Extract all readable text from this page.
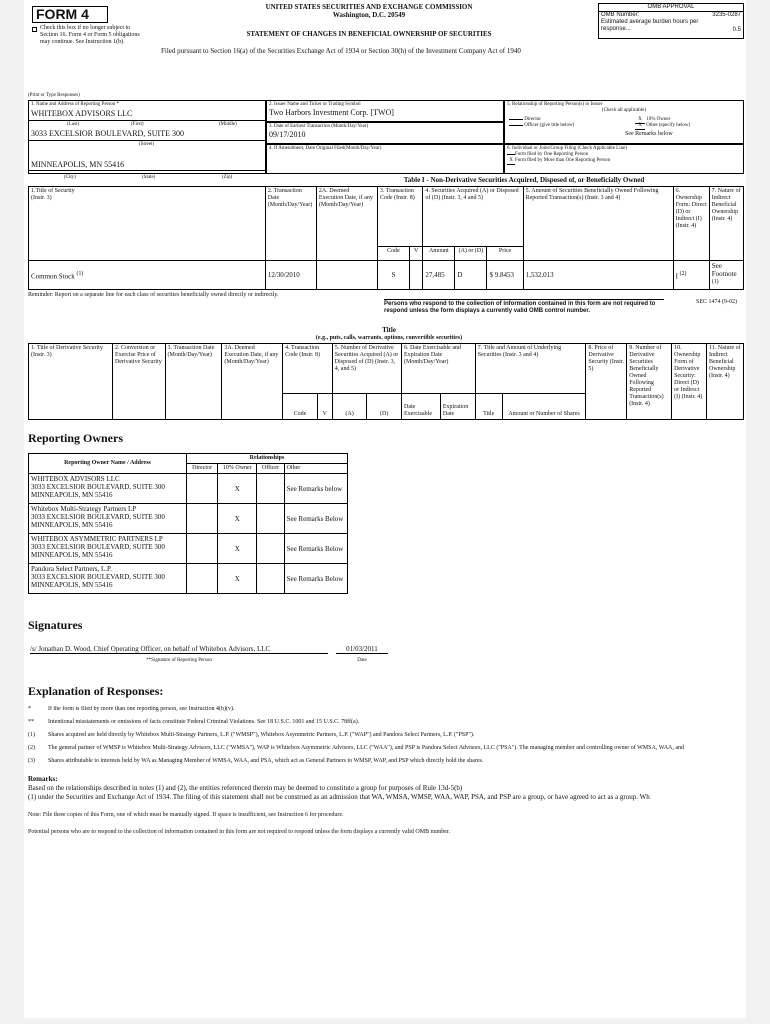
FORM 4
Check this box if no longer subject to Section 16. Form 4 or Form 5 obligations may continue. See Instruction 1(b).
UNITED STATES SECURITIES AND EXCHANGE COMMISSION
Washington, D.C. 20549
STATEMENT OF CHANGES IN BENEFICIAL OWNERSHIP OF SECURITIES
Filed pursuant to Section 16(a) of the Securities Exchange Act of 1934 or Section 30(h) of the Investment Company Act of 1940
OMB APPROVAL
OMB Number:	3235-0287
Estimated average burden hours per response...	0.5
(Print or Type Responses)
1. Name and Address of Reporting Person *
WHITEBOX ADVISORS LLC
(Last)	(First)	(Middle)
3033 EXCELSIOR BOULEVARD, SUITE 300
(Street)
MINNEAPOLIS, MN 55416
(City)	(State)	(Zip)
2. Issuer Name and Ticker or Trading Symbol
Two Harbors Investment Corp. [TWO]
3. Date of Earliest Transaction (Month/Day/Year)
09/17/2010
4. If Amendment, Date Original Filed(Month/Day/Year)
5. Relationship of Reporting Person(s) to Issuer
(Check all applicable)
Director	X 10% Owner
Officer (give title below)	X Other (specify below)
See Remarks below
6. Individual or Joint/Group Filing (Check Applicable Line)
Form filed by One Reporting Person
X Form filed by More than One Reporting Person
Table I - Non-Derivative Securities Acquired, Disposed of, or Beneficially Owned
1.Title of Security
(Instr. 3)	2. Transaction Date (Month/Day/Year)	2A. Deemed Execution Date, if any (Month/Day/Year)	3. Transaction Code (Instr. 8)		4. Securities Acquired (A) or Disposed of (D) (Instr. 3, 4 and 5)			5. Amount of Securities Beneficially Owned Following Reported Transaction(s) (Instr. 3 and 4)	6. Ownership Form: Direct (D) or Indirect (I) (Instr. 4)	7. Nature of Indirect Beneficial Ownership (Instr. 4)
			Code	V	Amount	(A) or (D)	Price			
Common Stock $^{(1)}$	12/30/2010		S		27,485	D	$ 9.8453	1,532,013	I $^{(2)}$	See Footnote $^{(1)}$
Reminder: Report on a separate line for each class of securities beneficially owned directly or indirectly.
Persons who respond to the collection of information contained in this form are not required to respond unless the form displays a currently valid OMB control number.
SEC 1474 (9-02)
Title
(e.g., puts, calls, warrants, options, convertible securities)
1. Title of Derivative Security (Instr. 3)	2. Conversion or Exercise Price of Derivative Security	3. Transaction Date (Month/Day/Year)	3A. Deemed Execution Date, if any (Month/Day/Year)	4. Transaction Code (Instr. 8)		5. Number of Derivative Securities Acquired (A) or Disposed of (D) (Instr. 3, 4, and 5)		6. Date Exercisable and Expiration Date (Month/Day/Year)		7. Title and Amount of Underlying Securities (Instr. 3 and 4)		8. Price of Derivative Security (Instr. 5)	9. Number of Derivative Securities Beneficially Owned Following Reported Transaction(s) (Instr. 4)	10. Ownership Form of Derivative Security: Direct (D) or Indirect (I) (Instr. 4)	11. Nature of Indirect Beneficial Ownership (Instr. 4)
				Code	V	(A)	(D)	Date Exercisable	Expiration Date	Title	Amount or Number of Shares				
Reporting Owners
Reporting Owner Name / Address	Relationships			
	Director	10% Owner	Officer	Other
WHITEBOX ADVISORS LLC
3033 EXCELSIOR BOULEVARD, SUITE 300
MINNEAPOLIS, MN 55416		X		See Remarks below
Whitebox Multi-Strategy Partners LP
3033 EXCELSIOR BOULEVARD, SUITE 300
MINNEAPOLIS, MN 55416		X		See Remarks Below
WHITEBOX ASYMMETRIC PARTNERS LP
3033 EXCELSIOR BOULEVARD, SUITE 300
MINNEAPOLIS, MN 55416		X		See Remarks Below
Pandora Select Partners, L.P.
3033 EXCELSIOR BOULEVARD, SUITE 300
MINNEAPOLIS, MN 55416		X		See Remarks Below
Signatures
/s/ Jonathan D. Wood, Chief Operating Officer, on behalf of Whitebox Advisors, LLC	01/03/2011
**Signature of Reporting Person	Date
Explanation of Responses:
*	If the form is filed by more than one reporting person, see Instruction 4(b)(v).
** Intentional misstatements or omissions of facts constitute Federal Criminal Violations. See 18 U.S.C. 1001 and 15 U.S.C. 78ff(a).
(1) Shares acquired are held directly by Whitebox Multi-Strategy Partners, L.P. ("WMSP"), Whitebox Asymmetric Partners, L.P. ("WAP") and Pandora Select Partners, L.P. ("PSP").
(2) The general partner of WMSP is Whitebox Multi-Strategy Advisors, LLC ("WMSA"), WAP is Whitebox Asymmetric Advisors, LLC ("WAA"), and PSP is Pandora Select Advisors, LLC ("PSA"). The managing member and controlling owner of WMSA, WAA, and
(3) Shares attributable to interests held by WA as Managing Member of WMSA, WAA, and PSA, which act as General Partners to WMSP, WAP, and PSP which directly hold the shares.
Remarks:
Based on the relationships described in notes (1) and (2), the entities referenced therein may be deemed to constitute a group for purposes of Rule 13d-5(b)
(1) under the Securities and Exchange Act of 1934. The filing of this statement shall not be construed as an admission that WA, WMSA, WMSP, WAA, WAP, PSA, and PSP are a group, or have agreed to act as a group. Wh
Note: File three copies of this Form, one of which must be manually signed. If space is insufficient, see Instruction 6 for procedure.
Potential persons who are to respond to the collection of information contained in this form are not required to respond unless the form displays a currently valid OMB number.
